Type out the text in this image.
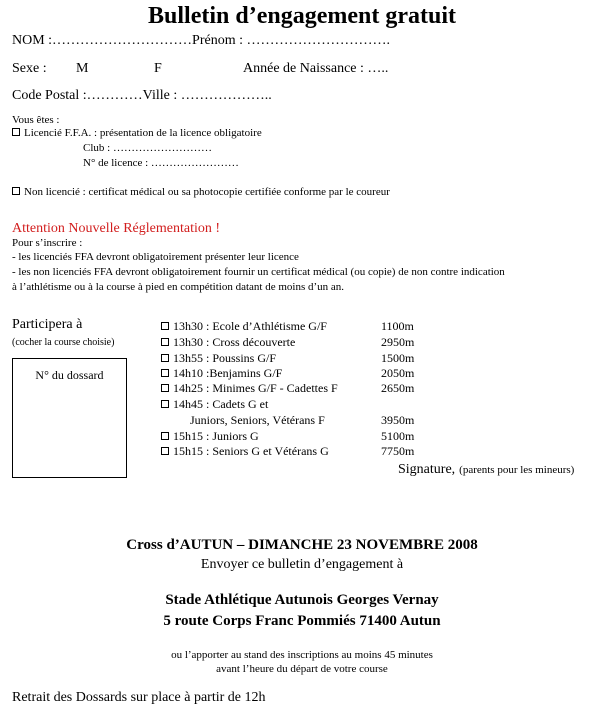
Bulletin d’engagement gratuit
NOM :…………………………Prénom : ………………………….
Sexe : M	F	Année de Naissance : …..
Code Postal :…………Ville : ………………..
Vous êtes :
Licencié F.F.A. : présentation de la licence obligatoire
Club : ………………………
N° de licence : ……………………
Non licencié : certificat médical ou sa photocopie certifiée conforme par le coureur
Attention Nouvelle Réglementation !
Pour s’inscrire :
- les licenciés FFA devront obligatoirement présenter leur licence
- les non licenciés FFA devront obligatoirement fournir un certificat médical (ou copie) de non contre indication
à l’athlétisme ou à la course à pied en compétition datant de moins d’un an.
Participera à
(cocher la course choisie)
N° du dossard
13h30 : Ecole d’Athlétisme G/F	1100m
13h30 : Cross découverte	2950m
13h55 : Poussins G/F	1500m
14h10 :Benjamins G/F	2050m
14h25 : Minimes G/F - Cadettes F	2650m
14h45 : Cadets G et
Juniors, Seniors, Vétérans F	3950m
15h15 : Juniors G	5100m
15h15 : Seniors G et Vétérans G	7750m
Signature, (parents pour les mineurs)
Cross d’AUTUN – DIMANCHE 23 NOVEMBRE 2008
Envoyer ce bulletin d’engagement à
Stade Athlétique Autunois Georges Vernay
5 route Corps Franc Pommiés 71400 Autun
ou l’apporter au stand des inscriptions au moins 45 minutes
avant l’heure du départ de votre course
Retrait des Dossards sur place à partir de 12h
